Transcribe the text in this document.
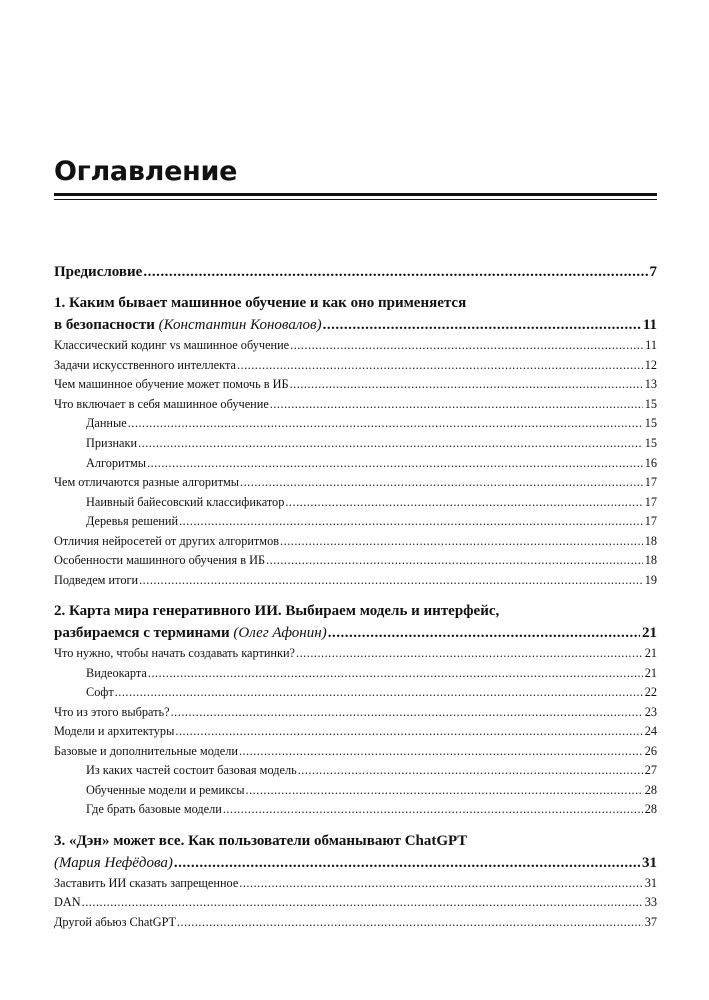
Оглавление
Предисловие .....	7
1. Каким бывает машинное обучение и как оно применяется
в безопасности
(Константин Коновалов) .....	11
Классический кодинг vs машинное обучение .....	11
Задачи искусственного интеллекта .....	12
Чем машинное обучение может помочь в ИБ .....	13
Что включает в себя машинное обучение .....	15
Данные .....	15
Признаки .....	15
Алгоритмы .....	16
Чем отличаются разные алгоритмы .....	17
Наивный байесовский классификатор .....	17
Деревья решений .....	17
Отличия нейросетей от других алгоритмов .....	18
Особенности машинного обучения в ИБ .....	18
Подведем итоги .....	19
2. Карта мира генеративного ИИ. Выбираем модель и интерфейс,
разбираемся с терминами
(Олег Афонин) .....	21
Что нужно, чтобы начать создавать картинки? .....	21
Видеокарта .....	21
Софт .....	22
Что из этого выбрать? .....	23
Модели и архитектуры .....	24
Базовые и дополнительные модели .....	26
Из каких частей состоит базовая модель .....	27
Обученные модели и ремиксы .....	28
Где брать базовые модели .....	28
3. «Дэн» может все. Как пользователи обманывают ChatGPT
(Мария Нефёдова) .....	31
Заставить ИИ сказать запрещенное .....	31
DAN .....	33
Другой абьюз ChatGPT .....	37
